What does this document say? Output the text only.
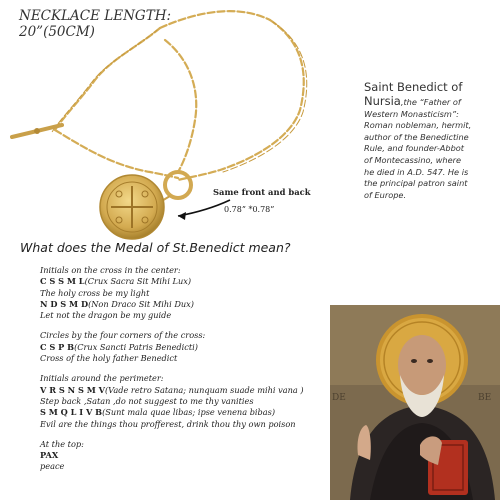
NECKLACE LENGTH:
20”(50CM)
Same front and back
0.78” *0.78”
Saint Benedict of
Nursia,the “Father of
Western Monasticism”:
Roman nobleman, hermit,
author of the Benedictine
Rule, and founder-Abbot
of Montecassino, where
he died in A.D. 547. He is
the principal patron saint
of Europe.
What does the Medal of St.Benedict mean?
Initials on the cross in the center:
C S S M L(Crux Sacra Sit Mihi Lux)
The holy cross be my light
N D S M D(Non Draco Sit Mihi Dux)
Let not the dragon be my guide
Circles by the four corners of the cross:
C S P B(Crux Sancti Patris Benedicti)
Cross of the holy father Benedict
Initials around the perimeter:
V R S N S M V(Vade retro Satana; nunquam suade mihi vana )
Step back ,Satan ,do not suggest to me thy vanities
S M Q L I V B(Sunt mala quae libas; ipse venena bibas)
Evil are the things thou profferest, drink thou thy own poison
At the top:
PAX
peace
DE	BE
